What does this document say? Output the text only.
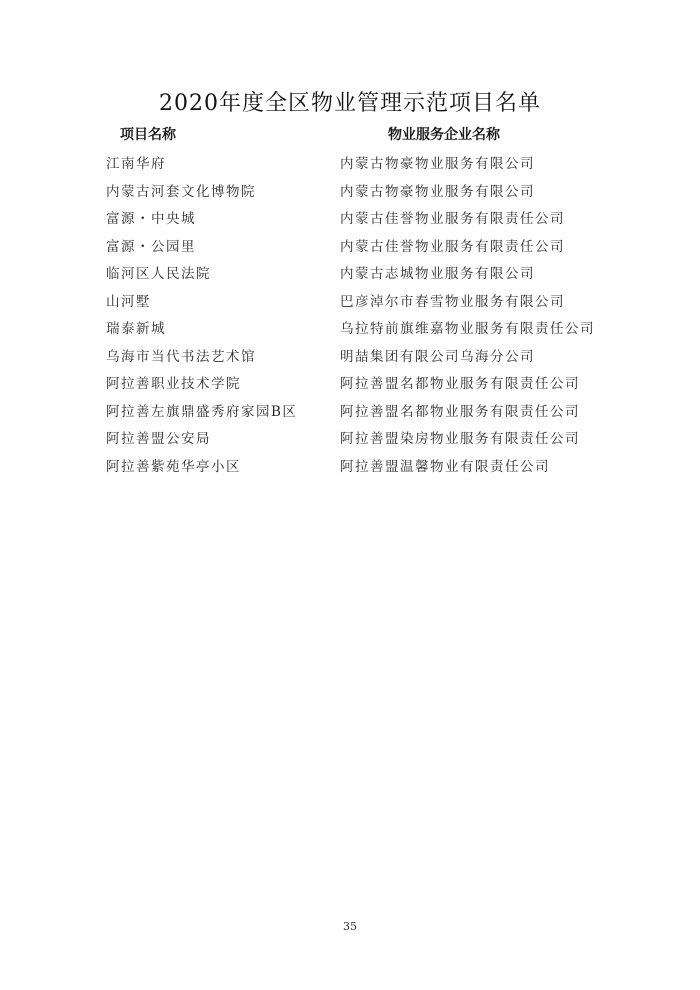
2020年度全区物业管理示范项目名单
项目名称	物业服务企业名称
江南华府	内蒙古物豪物业服务有限公司
内蒙古河套文化博物院	内蒙古物豪物业服务有限公司
富源・中央城	内蒙古佳誉物业服务有限责任公司
富源・公园里	内蒙古佳誉物业服务有限责任公司
临河区人民法院	内蒙古志城物业服务有限公司
山河墅	巴彦淖尔市春雪物业服务有限公司
瑞泰新城	乌拉特前旗维嘉物业服务有限责任公司
乌海市当代书法艺术馆	明喆集团有限公司乌海分公司
阿拉善职业技术学院	阿拉善盟名都物业服务有限责任公司
阿拉善左旗鼎盛秀府家园B区	阿拉善盟名都物业服务有限责任公司
阿拉善盟公安局	阿拉善盟染房物业服务有限责任公司
阿拉善紫苑华亭小区	阿拉善盟温馨物业有限责任公司
35
